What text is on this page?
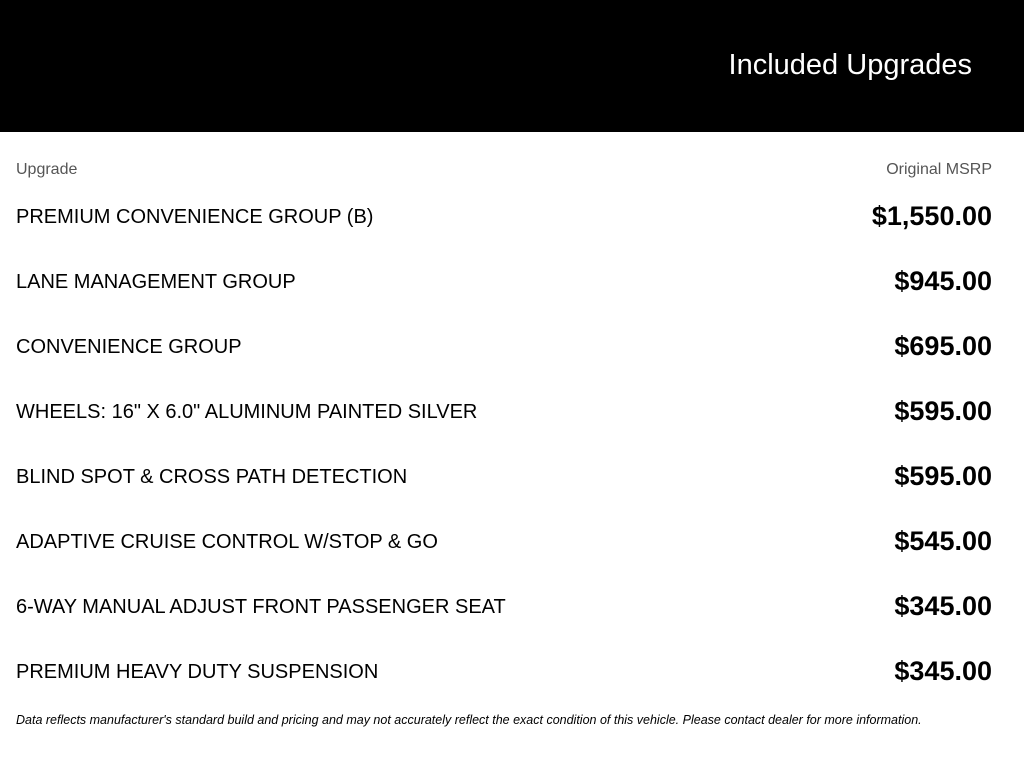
Included Upgrades
Upgrade	Original MSRP
PREMIUM CONVENIENCE GROUP (B)	$1,550.00
LANE MANAGEMENT GROUP	$945.00
CONVENIENCE GROUP	$695.00
WHEELS: 16" X 6.0" ALUMINUM PAINTED SILVER	$595.00
BLIND SPOT & CROSS PATH DETECTION	$595.00
ADAPTIVE CRUISE CONTROL W/STOP & GO	$545.00
6-WAY MANUAL ADJUST FRONT PASSENGER SEAT	$345.00
PREMIUM HEAVY DUTY SUSPENSION	$345.00

Data reflects manufacturer's standard build and pricing and may not accurately reflect the exact condition of this vehicle. Please contact dealer for more information.
